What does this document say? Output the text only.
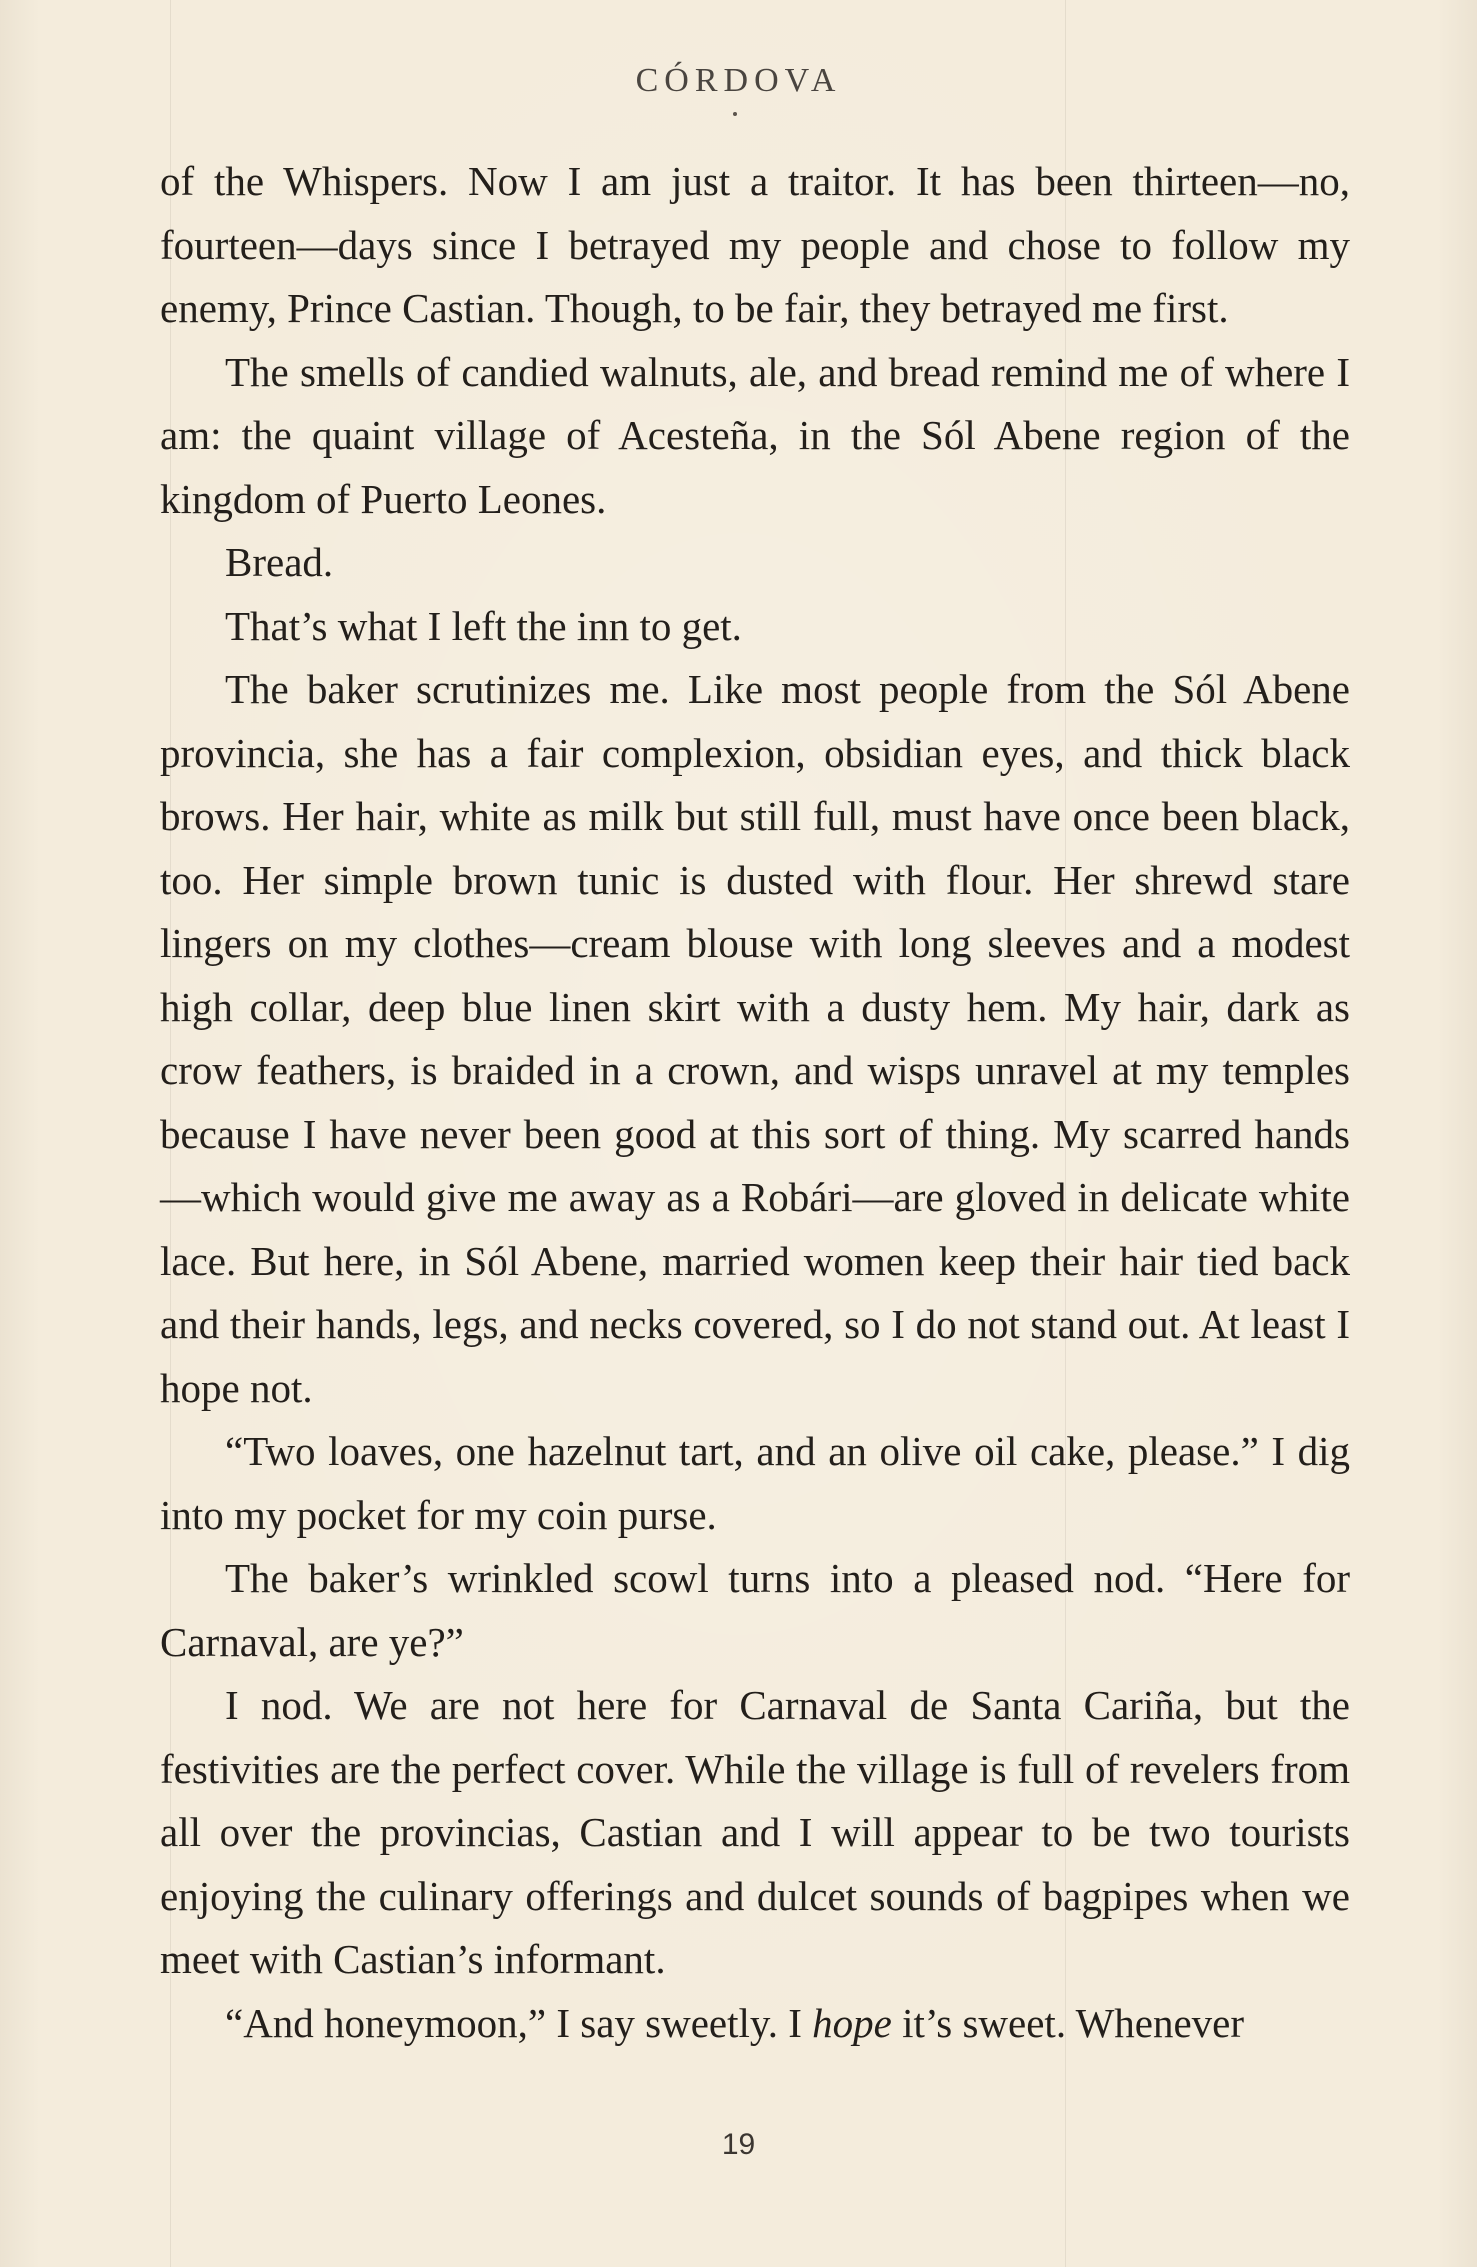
CÓRDOVA

of the Whispers. Now I am just a traitor. It has been thirteen—no, fourteen—days since I betrayed my people and chose to follow my enemy, Prince Castian. Though, to be fair, they betrayed me first.

The smells of candied walnuts, ale, and bread remind me of where I am: the quaint village of Acesteña, in the Sól Abene region of the kingdom of Puerto Leones.

Bread.

That’s what I left the inn to get.

The baker scrutinizes me. Like most people from the Sól Abene provincia, she has a fair complexion, obsidian eyes, and thick black brows. Her hair, white as milk but still full, must have once been black, too. Her simple brown tunic is dusted with flour. Her shrewd stare lingers on my clothes—cream blouse with long sleeves and a modest high collar, deep blue linen skirt with a dusty hem. My hair, dark as crow feathers, is braided in a crown, and wisps unravel at my temples because I have never been good at this sort of thing. My scarred hands—which would give me away as a Robári—are gloved in delicate white lace. But here, in Sól Abene, married women keep their hair tied back and their hands, legs, and necks covered, so I do not stand out. At least I hope not.

“Two loaves, one hazelnut tart, and an olive oil cake, please.” I dig into my pocket for my coin purse.

The baker’s wrinkled scowl turns into a pleased nod. “Here for Carnaval, are ye?”

I nod. We are not here for Carnaval de Santa Cariña, but the festivities are the perfect cover. While the village is full of revelers from all over the provincias, Castian and I will appear to be two tourists enjoying the culinary offerings and dulcet sounds of bagpipes when we meet with Castian’s informant.

“And honeymoon,” I say sweetly. I hope it’s sweet. Whenever

19
